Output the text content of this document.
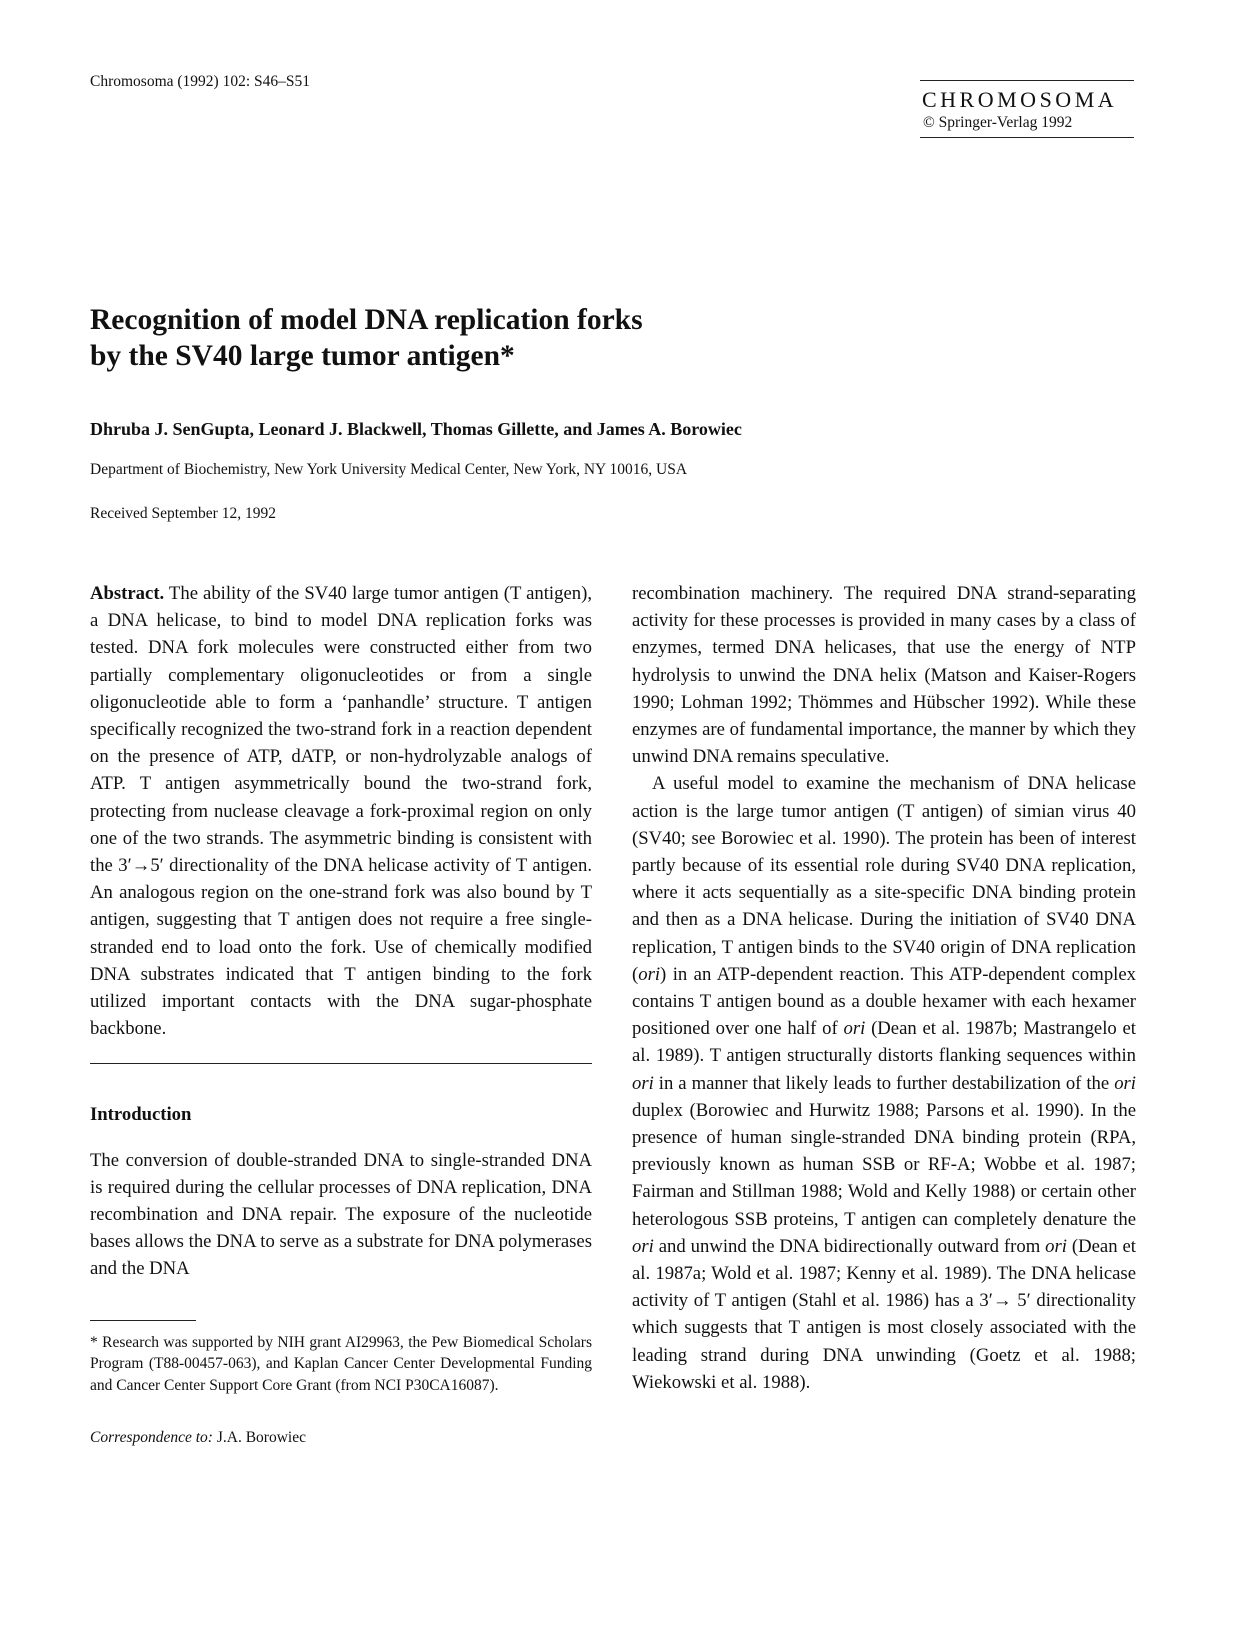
Chromosoma (1992) 102: S46–S51
CHROMOSOMA
© Springer-Verlag 1992
Recognition of model DNA replication forks
by the SV40 large tumor antigen*
Dhruba J. SenGupta, Leonard J. Blackwell, Thomas Gillette, and James A. Borowiec
Department of Biochemistry, New York University Medical Center, New York, NY 10016, USA
Received September 12, 1992

Abstract. The ability of the SV40 large tumor antigen (T antigen), a DNA helicase, to bind to model DNA replication forks was tested. DNA fork molecules were constructed either from two partially complementary oligonucleotides or from a single oligonucleotide able to form a ‘panhandle’ structure. T antigen specifically recognized the two-strand fork in a reaction dependent on the presence of ATP, dATP, or non-hydrolyzable analogs of ATP. T antigen asymmetrically bound the two-strand fork, protecting from nuclease cleavage a fork-proximal region on only one of the two strands. The asymmetric binding is consistent with the 3′→5′ directionality of the DNA helicase activity of T antigen. An analogous region on the one-strand fork was also bound by T antigen, suggesting that T antigen does not require a free single-stranded end to load onto the fork. Use of chemically modified DNA substrates indicated that T antigen binding to the fork utilized important contacts with the DNA sugar-phosphate backbone.

Introduction

The conversion of double-stranded DNA to single-stranded DNA is required during the cellular processes of DNA replication, DNA recombination and DNA repair. The exposure of the nucleotide bases allows the DNA to serve as a substrate for DNA polymerases and the DNA

* Research was supported by NIH grant AI29963, the Pew Biomedical Scholars Program (T88-00457-063), and Kaplan Cancer Center Developmental Funding and Cancer Center Support Core Grant (from NCI P30CA16087).

Correspondence to: J.A. Borowiec

recombination machinery. The required DNA strand-separating activity for these processes is provided in many cases by a class of enzymes, termed DNA helicases, that use the energy of NTP hydrolysis to unwind the DNA helix (Matson and Kaiser-Rogers 1990; Lohman 1992; Thömmes and Hübscher 1992). While these enzymes are of fundamental importance, the manner by which they unwind DNA remains speculative.

A useful model to examine the mechanism of DNA helicase action is the large tumor antigen (T antigen) of simian virus 40 (SV40; see Borowiec et al. 1990). The protein has been of interest partly because of its essential role during SV40 DNA replication, where it acts sequentially as a site-specific DNA binding protein and then as a DNA helicase. During the initiation of SV40 DNA replication, T antigen binds to the SV40 origin of DNA replication (ori) in an ATP-dependent reaction. This ATP-dependent complex contains T antigen bound as a double hexamer with each hexamer positioned over one half of ori (Dean et al. 1987b; Mastrangelo et al. 1989). T antigen structurally distorts flanking sequences within ori in a manner that likely leads to further destabilization of the ori duplex (Borowiec and Hurwitz 1988; Parsons et al. 1990). In the presence of human single-stranded DNA binding protein (RPA, previously known as human SSB or RF-A; Wobbe et al. 1987; Fairman and Stillman 1988; Wold and Kelly 1988) or certain other heterologous SSB proteins, T antigen can completely denature the ori and unwind the DNA bidirectionally outward from ori (Dean et al. 1987a; Wold et al. 1987; Kenny et al. 1989). The DNA helicase activity of T antigen (Stahl et al. 1986) has a 3′→ 5′ directionality which suggests that T antigen is most closely associated with the leading strand during DNA unwinding (Goetz et al. 1988; Wiekowski et al. 1988).
